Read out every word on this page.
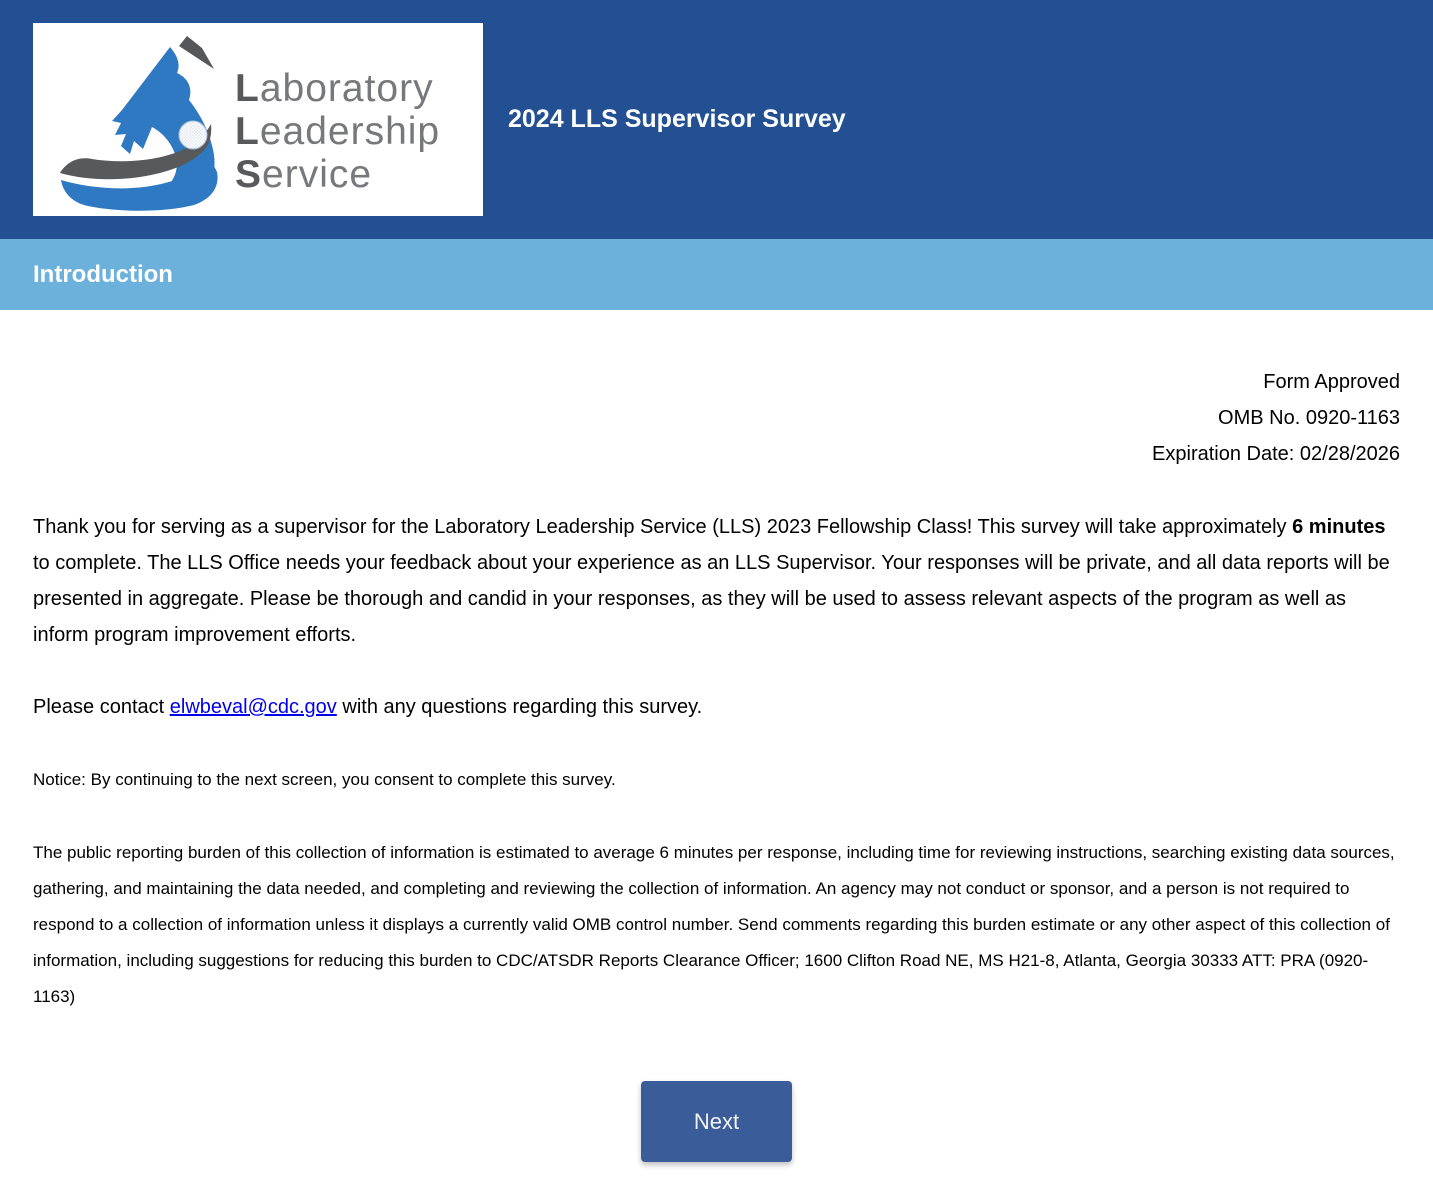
Laboratory
Leadership
Service
2024 LLS Supervisor Survey
Introduction
Form Approved
OMB No. 0920-1163
Expiration Date: 02/28/2026

Thank you for serving as a supervisor for the Laboratory Leadership Service (LLS) 2023 Fellowship Class! This survey will take approximately 6 minutes to complete. The LLS Office needs your feedback about your experience as an LLS Supervisor. Your responses will be private, and all data reports will be presented in aggregate. Please be thorough and candid in your responses, as they will be used to assess relevant aspects of the program as well as inform program improvement efforts.

Please contact elwbeval@cdc.gov with any questions regarding this survey.

Notice: By continuing to the next screen, you consent to complete this survey.

The public reporting burden of this collection of information is estimated to average 6 minutes per response, including time for reviewing instructions, searching existing data sources, gathering, and maintaining the data needed, and completing and reviewing the collection of information. An agency may not conduct or sponsor, and a person is not required to respond to a collection of information unless it displays a currently valid OMB control number. Send comments regarding this burden estimate or any other aspect of this collection of information, including suggestions for reducing this burden to CDC/ATSDR Reports Clearance Officer; 1600 Clifton Road NE, MS H21-8, Atlanta, Georgia 30333 ATT: PRA (0920-1163)

Next
